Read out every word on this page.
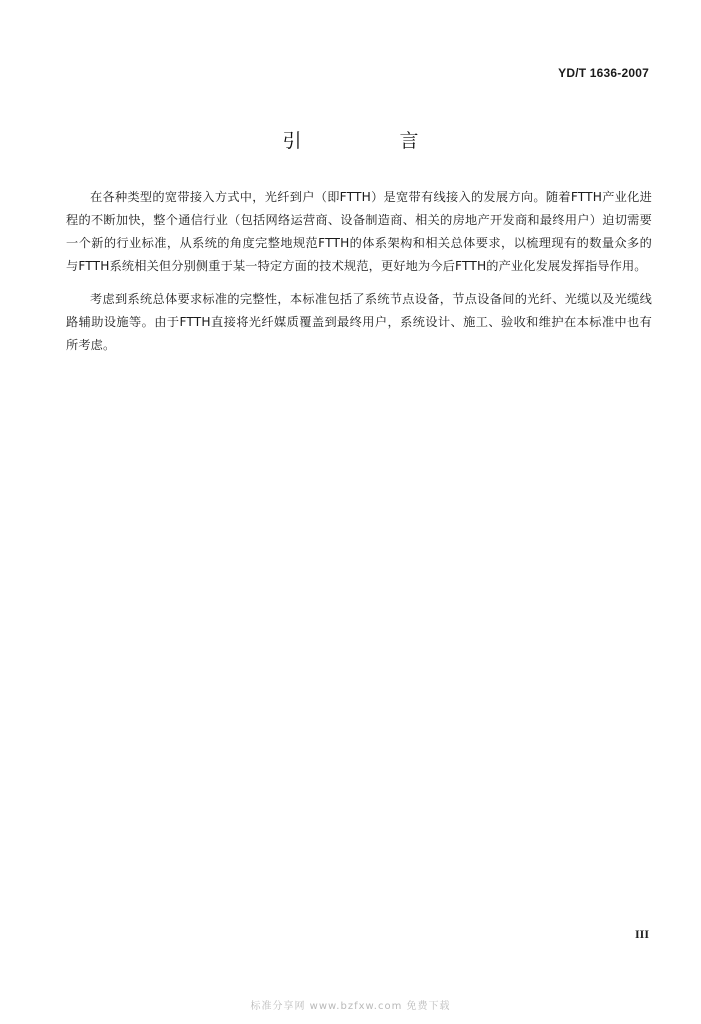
YD/T 1636-2007
引 言

在各种类型的宽带接入方式中，光纤到户（即FTTH）是宽带有线接入的发展方向。随着FTTH产业化进程的不断加快，整个通信行业（包括网络运营商、设备制造商、相关的房地产开发商和最终用户）迫切需要一个新的行业标准，从系统的角度完整地规范FTTH的体系架构和相关总体要求，以梳理现有的数量众多的与FTTH系统相关但分别侧重于某一特定方面的技术规范，更好地为今后FTTH的产业化发展发挥指导作用。

考虑到系统总体要求标准的完整性，本标准包括了系统节点设备，节点设备间的光纤、光缆以及光缆线路辅助设施等。由于FTTH直接将光纤媒质覆盖到最终用户，系统设计、施工、验收和维护在本标准中也有所考虑。

III
标准分享网 www.bzfxw.com 免费下载
